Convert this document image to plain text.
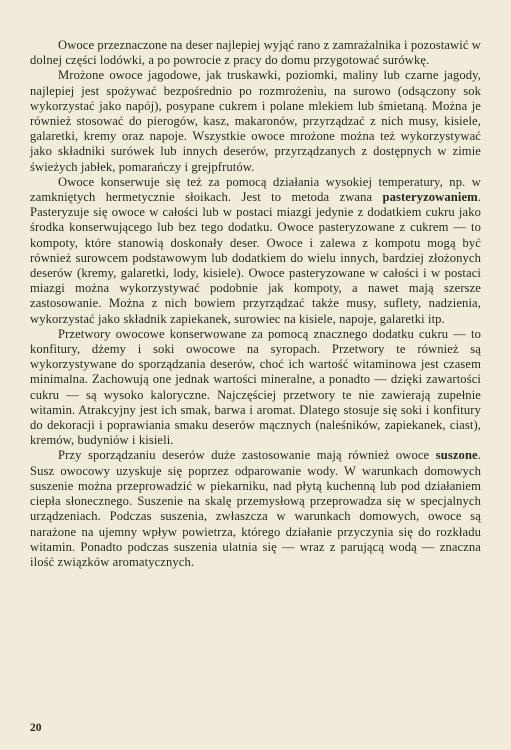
Owoce przeznaczone na deser najlepiej wyjąć rano z zamrażalnika i pozostawić w dolnej części lodówki, a po powrocie z pracy do domu przygotować surówkę.

Mrożone owoce jagodowe, jak truskawki, poziomki, maliny lub czarne jagody, najlepiej jest spożywać bezpośrednio po rozmrożeniu, na surowo (odsączony sok wykorzystać jako napój), posypane cukrem i polane mlekiem lub śmietaną. Można je również stosować do pierogów, kasz, makaronów, przyrządzać z nich musy, kisiele, galaretki, kremy oraz napoje. Wszystkie owoce mrożone można też wykorzystywać jako składniki surówek lub innych deserów, przyrządzanych z dostępnych w zimie świeżych jabłek, pomarańczy i grejpfrutów.

Owoce konserwuje się też za pomocą działania wysokiej temperatury, np. w zamkniętych hermetycznie słoikach. Jest to metoda zwana pasteryzowaniem. Pasteryzuje się owoce w całości lub w postaci miazgi jedynie z dodatkiem cukru jako środka konserwującego lub bez tego dodatku. Owoce pasteryzowane z cukrem — to kompoty, które stanowią doskonały deser. Owoce i zalewa z kompotu mogą być również surowcem podstawowym lub dodatkiem do wielu innych, bardziej złożonych deserów (kremy, galaretki, lody, kisiele). Owoce pasteryzowane w całości i w postaci miazgi można wykorzystywać podobnie jak kompoty, a nawet mają szersze zastosowanie. Można z nich bowiem przyrządzać także musy, suflety, nadzienia, wykorzystać jako składnik zapiekanek, surowiec na kisiele, napoje, galaretki itp.

Przetwory owocowe konserwowane za pomocą znacznego dodatku cukru — to konfitury, dżemy i soki owocowe na syropach. Przetwory te również są wykorzystywane do sporządzania deserów, choć ich wartość witaminowa jest czasem minimalna. Zachowują one jednak wartości mineralne, a ponadto — dzięki zawartości cukru — są wysoko kaloryczne. Najczęściej przetwory te nie zawierają zupełnie witamin. Atrakcyjny jest ich smak, barwa i aromat. Dlatego stosuje się soki i konfitury do dekoracji i poprawiania smaku deserów mącznych (naleśników, zapiekanek, ciast), kremów, budyniów i kisieli.

Przy sporządzaniu deserów duże zastosowanie mają również owoce suszone. Susz owocowy uzyskuje się poprzez odparowanie wody. W warunkach domowych suszenie można przeprowadzić w piekarniku, nad płytą kuchenną lub pod działaniem ciepła słonecznego. Suszenie na skalę przemysłową przeprowadza się w specjalnych urządzeniach. Podczas suszenia, zwłaszcza w warunkach domowych, owoce są narażone na ujemny wpływ powietrza, którego działanie przyczynia się do rozkładu witamin. Ponadto podczas suszenia ulatnia się — wraz z parującą wodą — znaczna ilość związków aromatycznych.

20
